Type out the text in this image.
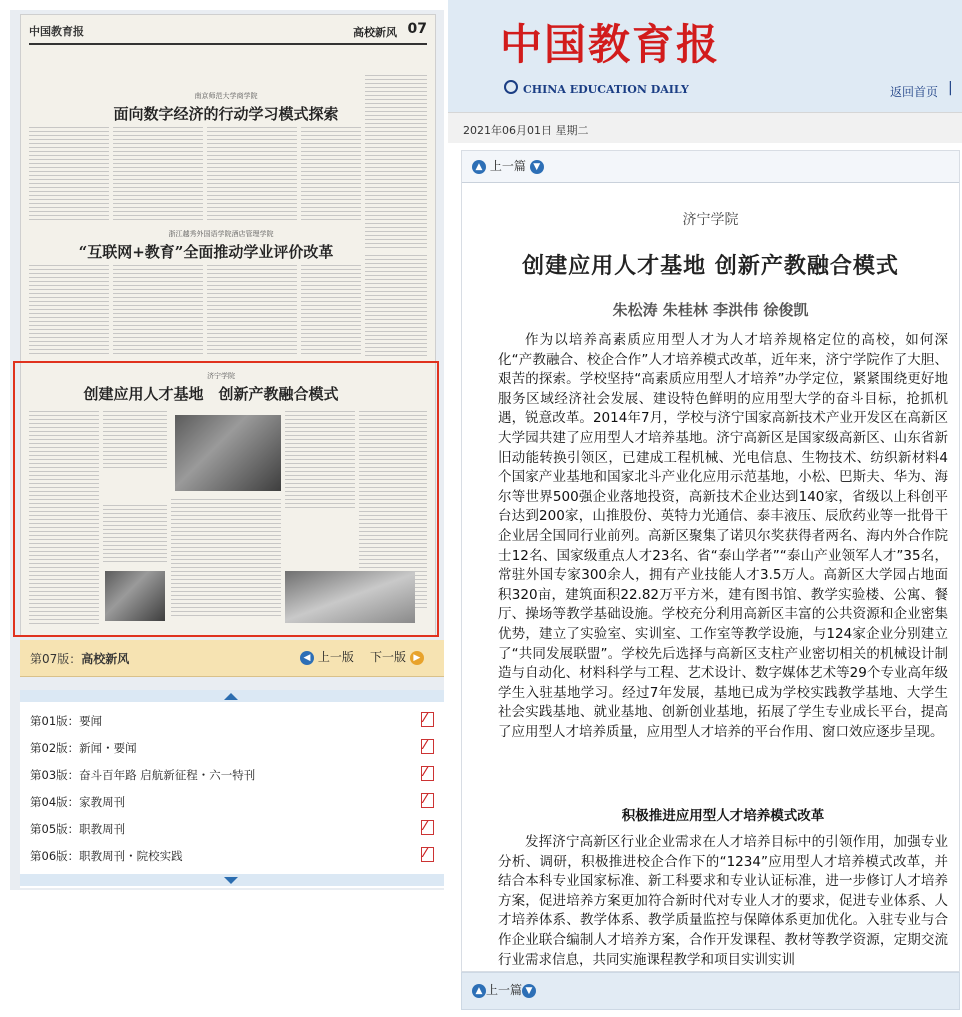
中国教育报	高校新风 07
南京师范大学商学院
面向数字经济的行动学习模式探索
浙江越秀外国语学院酒店管理学院
“互联网+教育”全面推动学业评价改革
济宁学院
创建应用人才基地　创新产教融合模式
第07版：高校新风	◀ 上一版 下一版 ▶
第01版：要闻
⁄
第02版：新闻・要闻
⁄
第03版：奋斗百年路 启航新征程・六一特刊
⁄
第04版：家教周刊
⁄
第05版：职教周刊
⁄
第06版：职教周刊・院校实践
⁄
中国教育报
CHINA EDUCATION DAILY	返回首页 |
2021年06月01日 星期二
▲ 上一篇 ▼
济宁学院
创建应用人才基地 创新产教融合模式
朱松涛 朱桂林 李洪伟 徐俊凯

作为以培养高素质应用型人才为人才培养规格定位的高校，如何深化“产教融合、校企合作”人才培养模式改革，近年来，济宁学院作了大胆、艰苦的探索。学校坚持“高素质应用型人才培养”办学定位，紧紧围绕更好地服务区域经济社会发展、建设特色鲜明的应用型大学的奋斗目标，抢抓机遇，锐意改革。2014年7月，学校与济宁国家高新技术产业开发区在高新区大学园共建了应用型人才培养基地。济宁高新区是国家级高新区、山东省新旧动能转换引领区，已建成工程机械、光电信息、生物技术、纺织新材料4个国家产业基地和国家北斗产业化应用示范基地，小松、巴斯夫、华为、海尔等世界500强企业落地投资，高新技术企业达到140家，省级以上科创平台达到200家，山推股份、英特力光通信、泰丰液压、辰欣药业等一批骨干企业居全国同行业前列。高新区聚集了诺贝尔奖获得者两名、海内外合作院士12名、国家级重点人才23名、省“泰山学者”“泰山产业领军人才”35名，常驻外国专家300余人，拥有产业技能人才3.5万人。高新区大学园占地面积320亩，建筑面积22.82万平方米，建有图书馆、教学实验楼、公寓、餐厅、操场等教学基础设施。学校充分利用高新区丰富的公共资源和企业密集优势，建立了实验室、实训室、工作室等教学设施，与124家企业分别建立了“共同发展联盟”。学校先后选择与高新区支柱产业密切相关的机械设计制造与自动化、材料科学与工程、艺术设计、数字媒体艺术等29个专业高年级学生入驻基地学习。经过7年发展，基地已成为学校实践教学基地、大学生社会实践基地、就业基地、创新创业基地，拓展了学生专业成长平台，提高了应用型人才培养质量，应用型人才培养的平台作用、窗口效应逐步呈现。

积极推进应用型人才培养模式改革

发挥济宁高新区行业企业需求在人才培养目标中的引领作用，加强专业分析、调研，积极推进校企合作下的“1234”应用型人才培养模式改革，并结合本科专业国家标准、新工科要求和专业认证标准，进一步修订人才培养方案，促进培养方案更加符合新时代对专业人才的要求，促进专业体系、人才培养体系、教学体系、教学质量监控与保障体系更加优化。入驻专业与合作企业联合编制人才培养方案，合作开发课程、教材等教学资源，定期交流行业需求信息，共同实施课程教学和项目实训实训

▲ 上一篇 ▼
